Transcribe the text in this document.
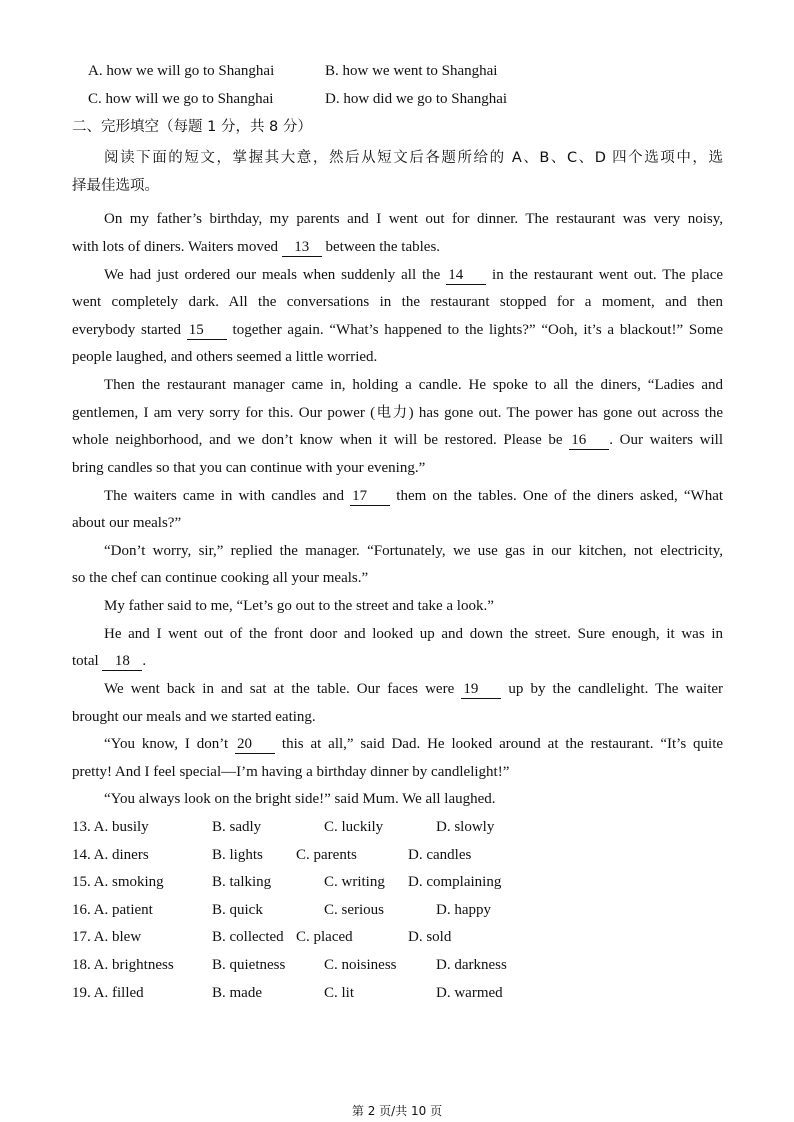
A. how we will go to Shanghai	B. how we went to Shanghai
C. how will we go to Shanghai	D. how did we go to Shanghai
二、完形填空（每题 1 分，共 8 分）
阅读下面的短文，掌握其大意，然后从短文后各题所给的 A、B、C、D 四个选项中，选
择最佳选项。
On my father’s birthday, my parents and I went out for dinner. The restaurant was very noisy,
with lots of diners. Waiters moved 13 between the tables.
We had just ordered our meals when suddenly all the 14 in the restaurant went out. The place
went completely dark. All the conversations in the restaurant stopped for a moment, and then
everybody started 15 together again. “What’s happened to the lights?” “Ooh, it’s a blackout!” Some
people laughed, and others seemed a little worried.
Then the restaurant manager came in, holding a candle. He spoke to all the diners, “Ladies and
gentlemen, I am very sorry for this. Our power (电力) has gone out. The power has gone out across the
whole neighborhood, and we don’t know when it will be restored. Please be 16 . Our waiters will
bring candles so that you can continue with your evening.”
The waiters came in with candles and 17 them on the tables. One of the diners asked, “What
about our meals?”
“Don’t worry, sir,” replied the manager. “Fortunately, we use gas in our kitchen, not electricity,
so the chef can continue cooking all your meals.”
My father said to me, “Let’s go out to the street and take a look.”
He and I went out of the front door and looked up and down the street. Sure enough, it was in
total 18 .
We went back in and sat at the table. Our faces were 19 up by the candlelight. The waiter
brought our meals and we started eating.
“You know, I don’t 20 this at all,” said Dad. He looked around at the restaurant. “It’s quite
pretty! And I feel special—I’m having a birthday dinner by candlelight!”
“You always look on the bright side!” said Mum. We all laughed.
13. A. busily	B. sadly	C. luckily	D. slowly
14. A. diners	B. lights C. parents	D. candles
15. A. smoking	B. talking	C. writing D. complaining
16. A. patient	B. quick	C. serious	D. happy
17. A. blew	B. collected C. placed	D. sold
18. A. brightness	B. quietness	C. noisiness	D. darkness
19. A. filled	B. made	C. lit	D. warmed
第 2 页/共 10 页
